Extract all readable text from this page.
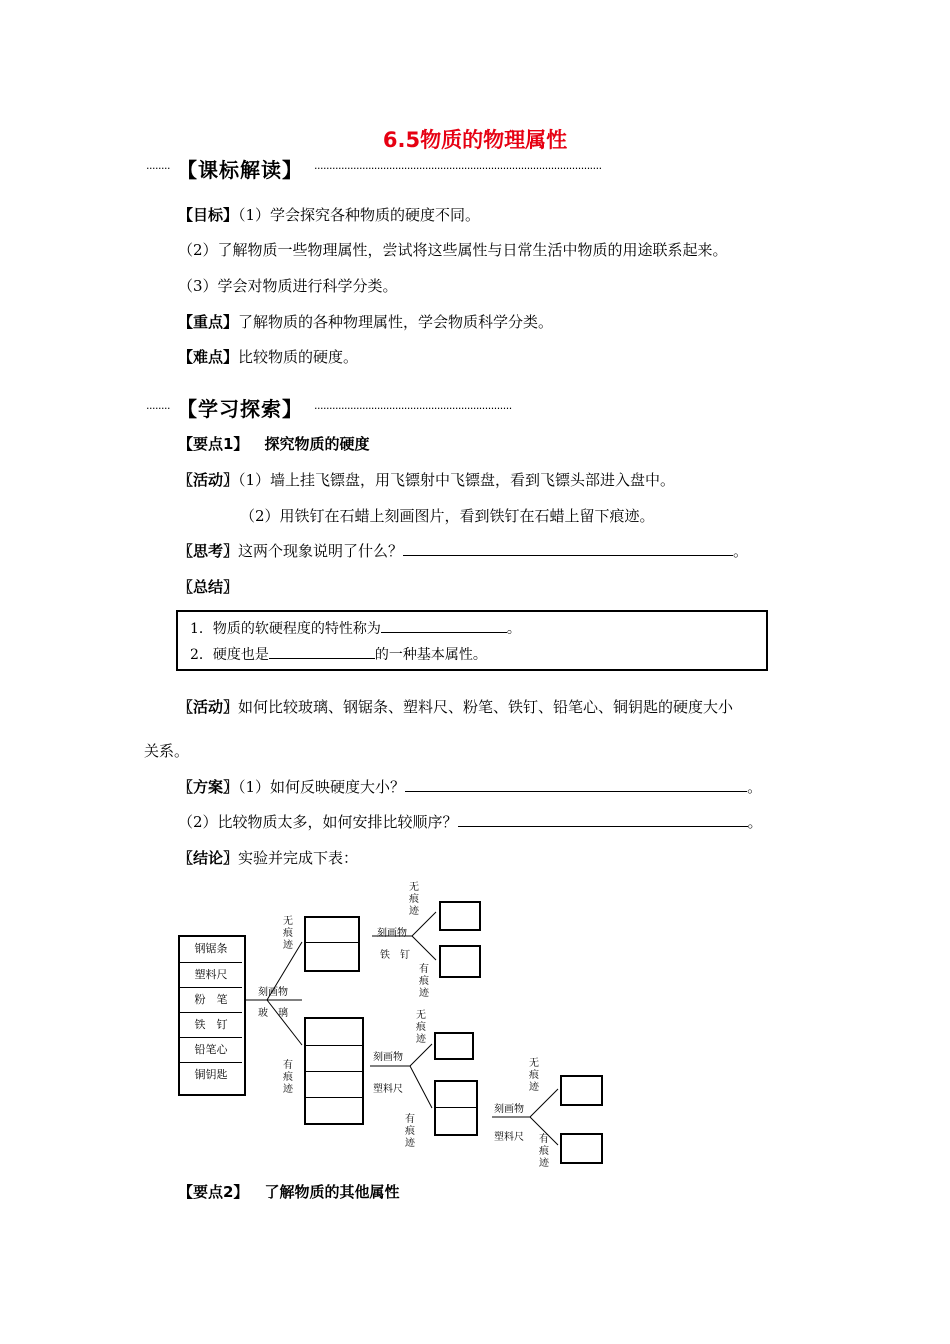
6.5物质的物理属性
········ 【课标解读】 ································································································
【目标】（1）学会探究各种物质的硬度不同。
（2）了解物质一些物理属性，尝试将这些属性与日常生活中物质的用途联系起来。
（3）学会对物质进行科学分类。
【重点】了解物质的各种物理属性，学会物质科学分类。
【难点】比较物质的硬度。
········ 【学习探索】 ··································································
【要点1】 探究物质的硬度
〖活动〗（1）墙上挂飞镖盘，用飞镖射中飞镖盘，看到飞镖头部进入盘中。
（2）用铁钉在石蜡上刻画图片，看到铁钉在石蜡上留下痕迹。
〖思考〗这两个现象说明了什么？	。
〖总结〗
1．物质的软硬程度的特性称为	。
2．硬度也是	的一种基本属性。
〖活动〗如何比较玻璃、钢锯条、塑料尺、粉笔、铁钉、铅笔心、铜钥匙的硬度大小
关系。
〖方案〗（1）如何反映硬度大小？	。
（2）比较物质太多，如何安排比较顺序？	。
〖结论〗实验并完成下表：
钢锯条
塑料尺
粉　笔
铁　钉
铅笔心
铜钥匙
无痕迹
刻画物
玻　璃
有痕迹
无痕迹
刻画物
铁　钉
有痕迹
无痕迹
刻画物
塑料尺
有痕迹
无痕迹
刻画物
塑料尺 有痕迹
【要点2】 了解物质的其他属性
